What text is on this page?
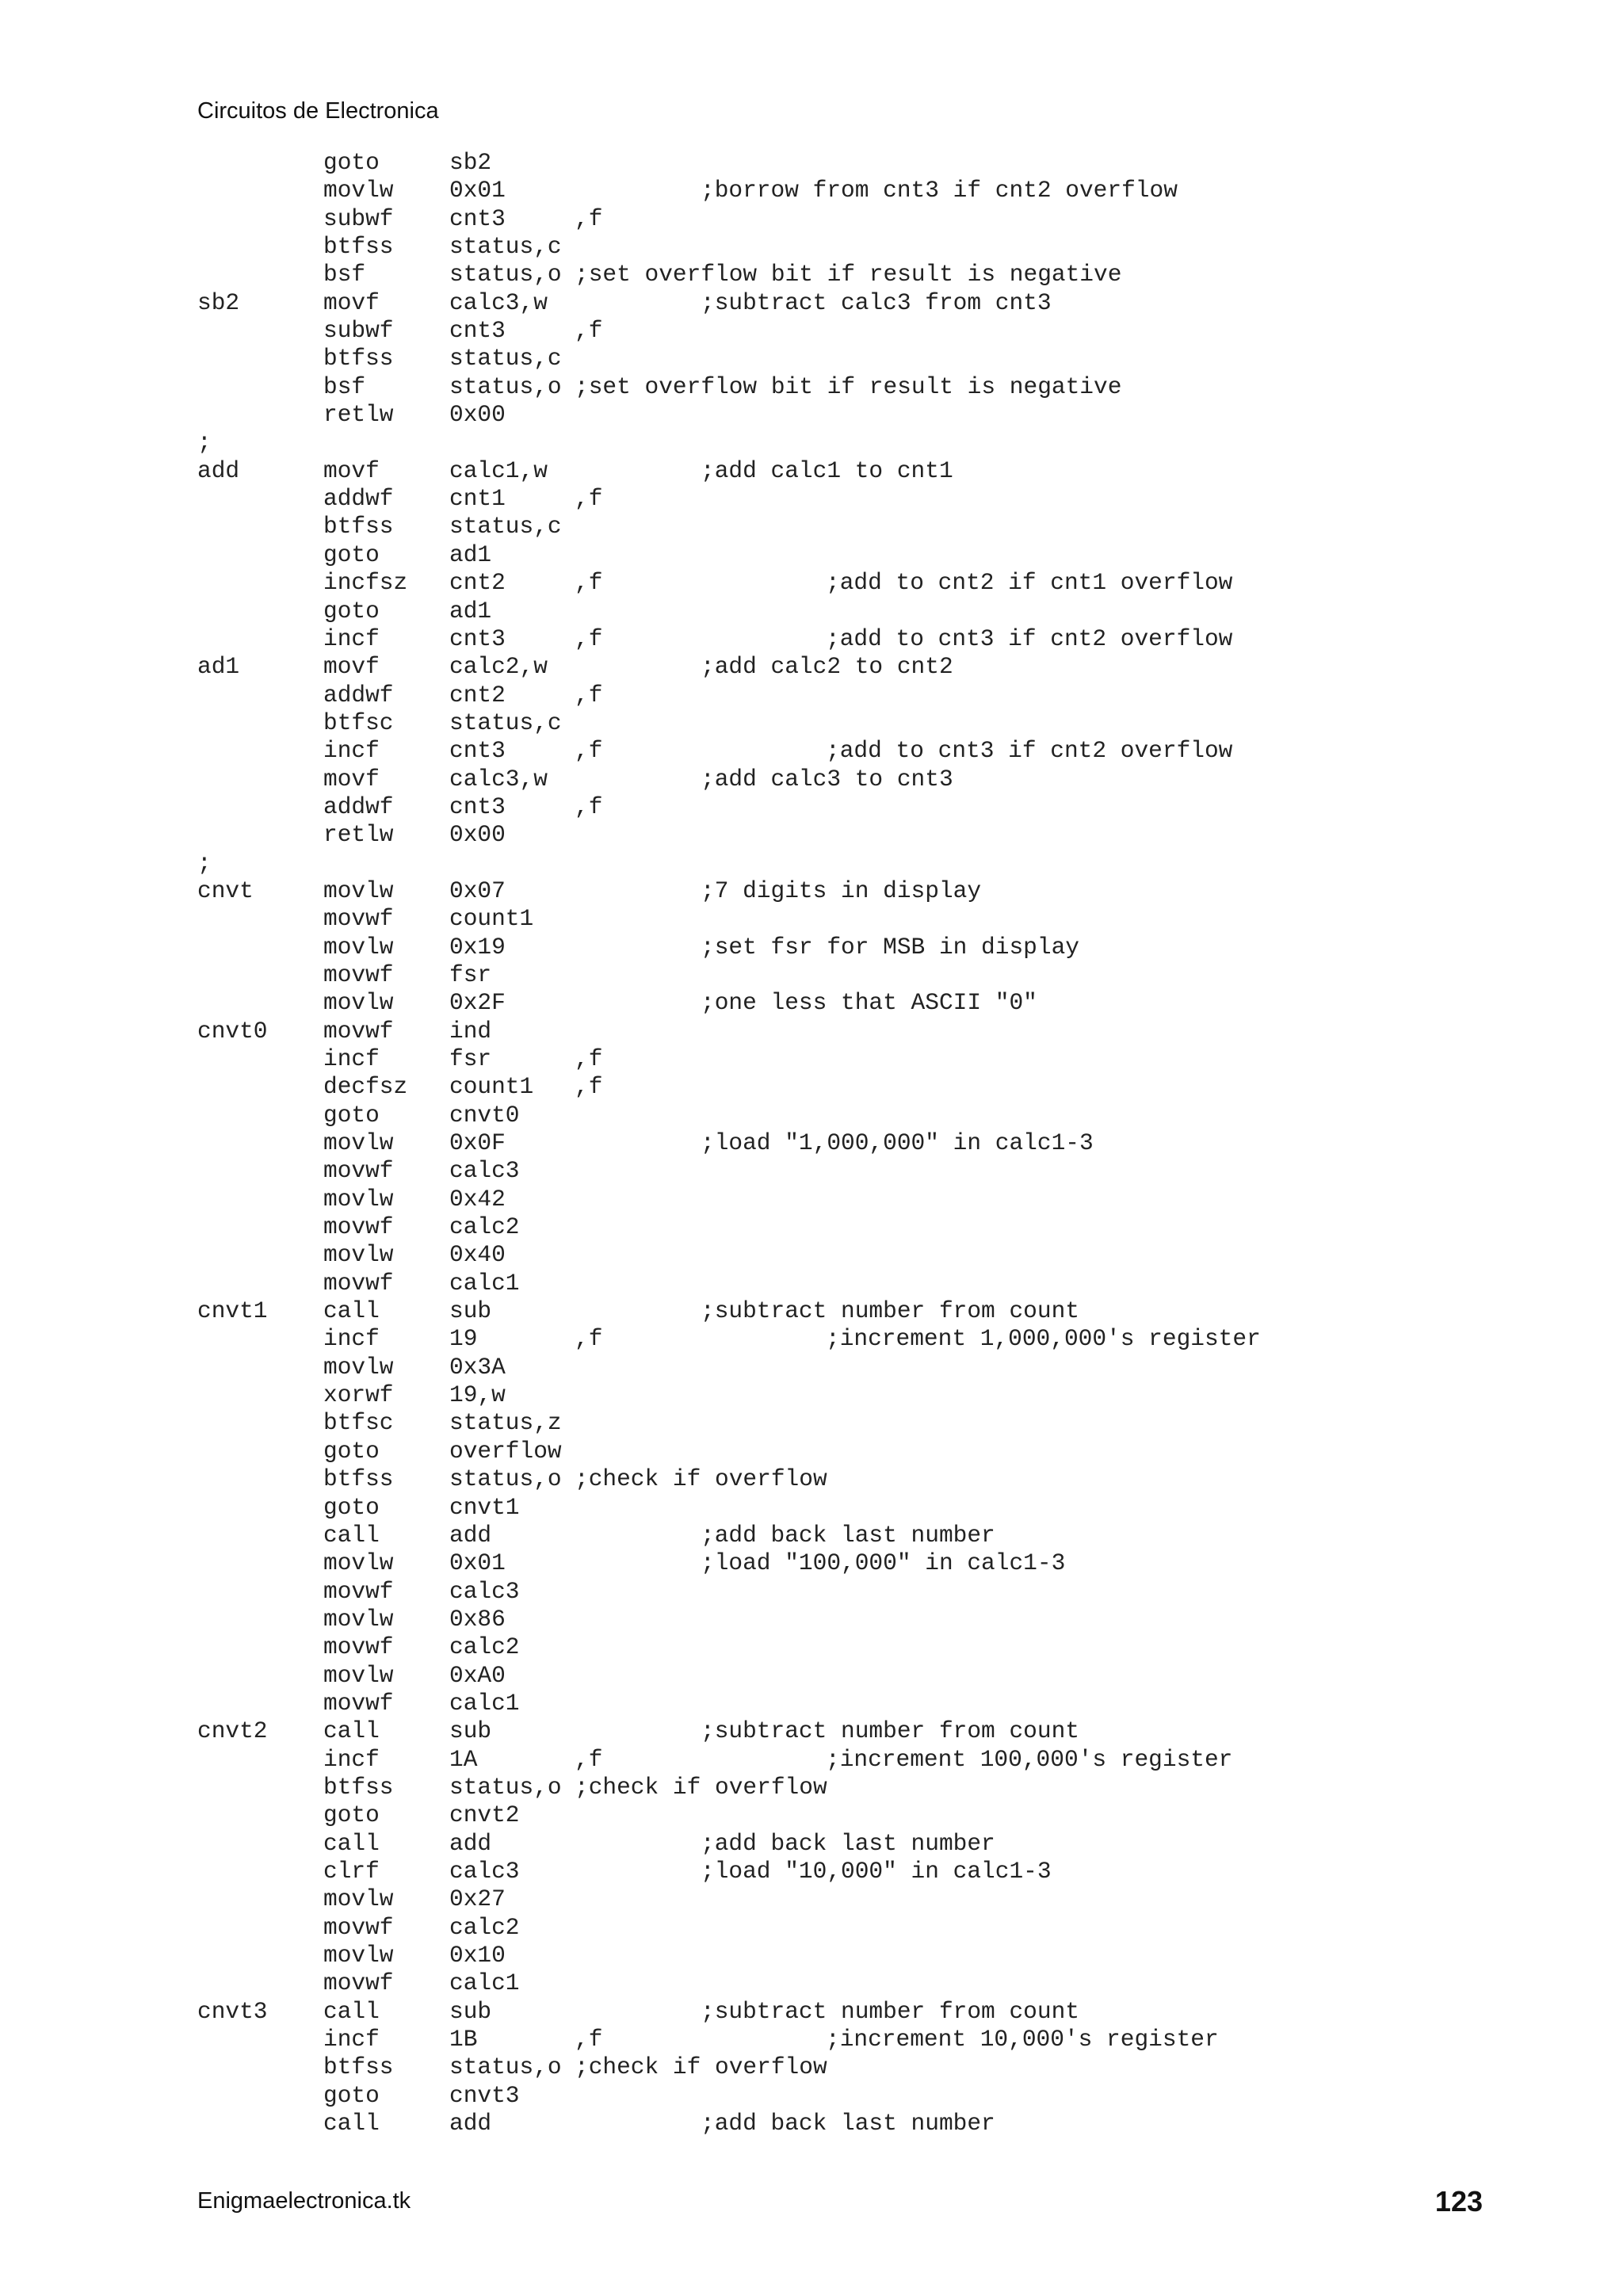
Circuitos de Electronica
goto	sb2
movlw 0x01	;borrow from cnt3 if cnt2 overflow
subwf cnt3	,f
btfss status,c
bsf	status,o ;set overflow bit if result is negative
sb2	movf	calc3,w	;subtract calc3 from cnt3
subwf cnt3	,f
btfss status,c
bsf	status,o ;set overflow bit if result is negative
retlw 0x00
;
add	movf	calc1,w	;add calc1 to cnt1
addwf cnt1	,f
btfss status,c
goto	ad1
incfsz cnt2	,f	;add to cnt2 if cnt1 overflow
goto	ad1
incf	cnt3	,f	;add to cnt3 if cnt2 overflow
ad1	movf	calc2,w	;add calc2 to cnt2
addwf cnt2	,f
btfsc status,c
incf	cnt3	,f	;add to cnt3 if cnt2 overflow
movf	calc3,w	;add calc3 to cnt3
addwf cnt3	,f
retlw 0x00
;
cnvt	movlw 0x07	;7 digits in display
movwf count1
movlw 0x19	;set fsr for MSB in display
movwf fsr
movlw 0x2F	;one less that ASCII "0"
cnvt0 movwf ind
incf	fsr	,f
decfsz count1 ,f
goto	cnvt0
movlw 0x0F	;load "1,000,000" in calc1-3
movwf calc3
movlw 0x42
movwf calc2
movlw 0x40
movwf calc1
cnvt1 call	sub	;subtract number from count
incf	19	,f	;increment 1,000,000's register
movlw 0x3A
xorwf 19,w
btfsc status,z
goto	overflow
btfss status,o ;check if overflow
goto	cnvt1
call	add	;add back last number
movlw 0x01	;load "100,000" in calc1-3
movwf calc3
movlw 0x86
movwf calc2
movlw 0xA0
movwf calc1
cnvt2 call	sub	;subtract number from count
incf	1A	,f	;increment 100,000's register
btfss status,o ;check if overflow
goto	cnvt2
call	add	;add back last number
clrf	calc3	;load "10,000" in calc1-3
movlw 0x27
movwf calc2
movlw 0x10
movwf calc1
cnvt3 call	sub	;subtract number from count
incf	1B	,f	;increment 10,000's register
btfss status,o ;check if overflow
goto	cnvt3
call	add	;add back last number
Enigmaelectronica.tk	123
